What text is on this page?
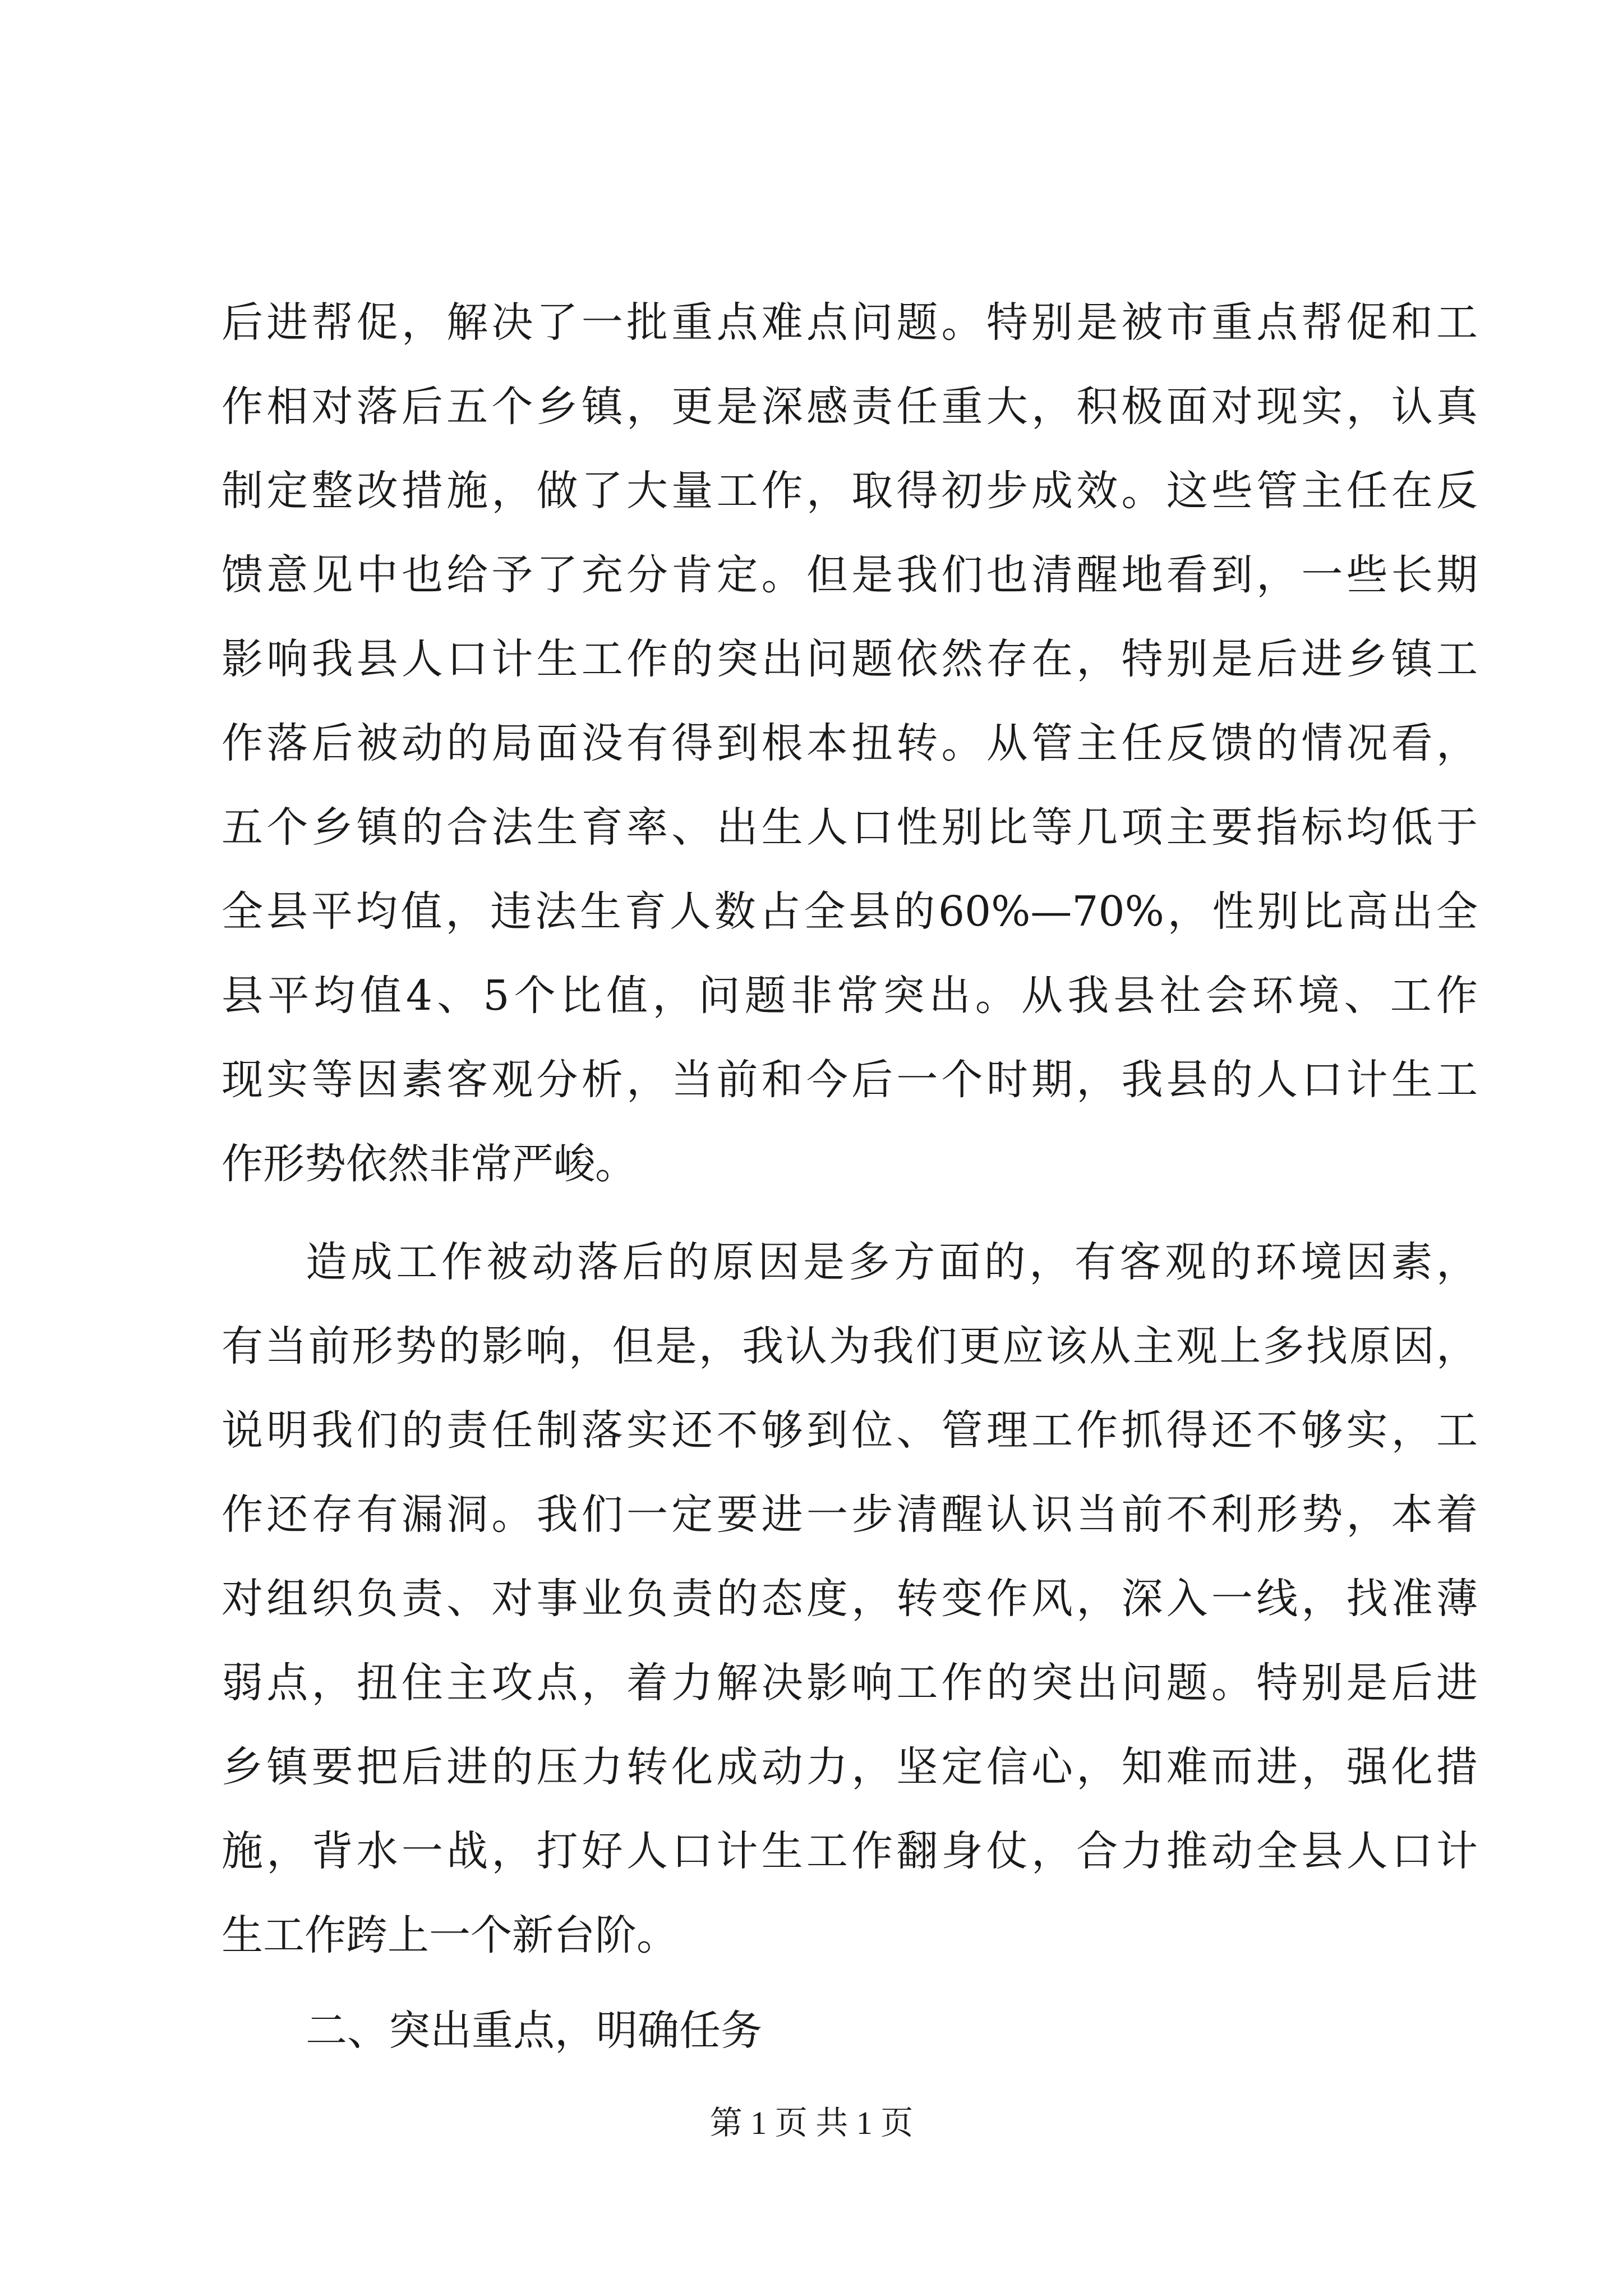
后进帮促，解决了一批重点难点问题。特别是被市重点帮促和工
作相对落后五个乡镇，更是深感责任重大，积极面对现实，认真
制定整改措施，做了大量工作，取得初步成效。这些管主任在反
馈意见中也给予了充分肯定。但是我们也清醒地看到，一些长期
影响我县人口计生工作的突出问题依然存在，特别是后进乡镇工
作落后被动的局面没有得到根本扭转。从管主任反馈的情况看，
五个乡镇的合法生育率、出生人口性别比等几项主要指标均低于
全县平均值，违法生育人数占全县的60%—70%，性别比高出全
县平均值4、5个比值，问题非常突出。从我县社会环境、工作
现实等因素客观分析，当前和今后一个时期，我县的人口计生工
作形势依然非常严峻。
造成工作被动落后的原因是多方面的，有客观的环境因素，
有当前形势的影响，但是，我认为我们更应该从主观上多找原因，
说明我们的责任制落实还不够到位、管理工作抓得还不够实，工
作还存有漏洞。我们一定要进一步清醒认识当前不利形势，本着
对组织负责、对事业负责的态度，转变作风，深入一线，找准薄
弱点，扭住主攻点，着力解决影响工作的突出问题。特别是后进
乡镇要把后进的压力转化成动力，坚定信心，知难而进，强化措
施，背水一战，打好人口计生工作翻身仗，合力推动全县人口计
生工作跨上一个新台阶。
二、突出重点，明确任务
第 1 页 共 1 页
